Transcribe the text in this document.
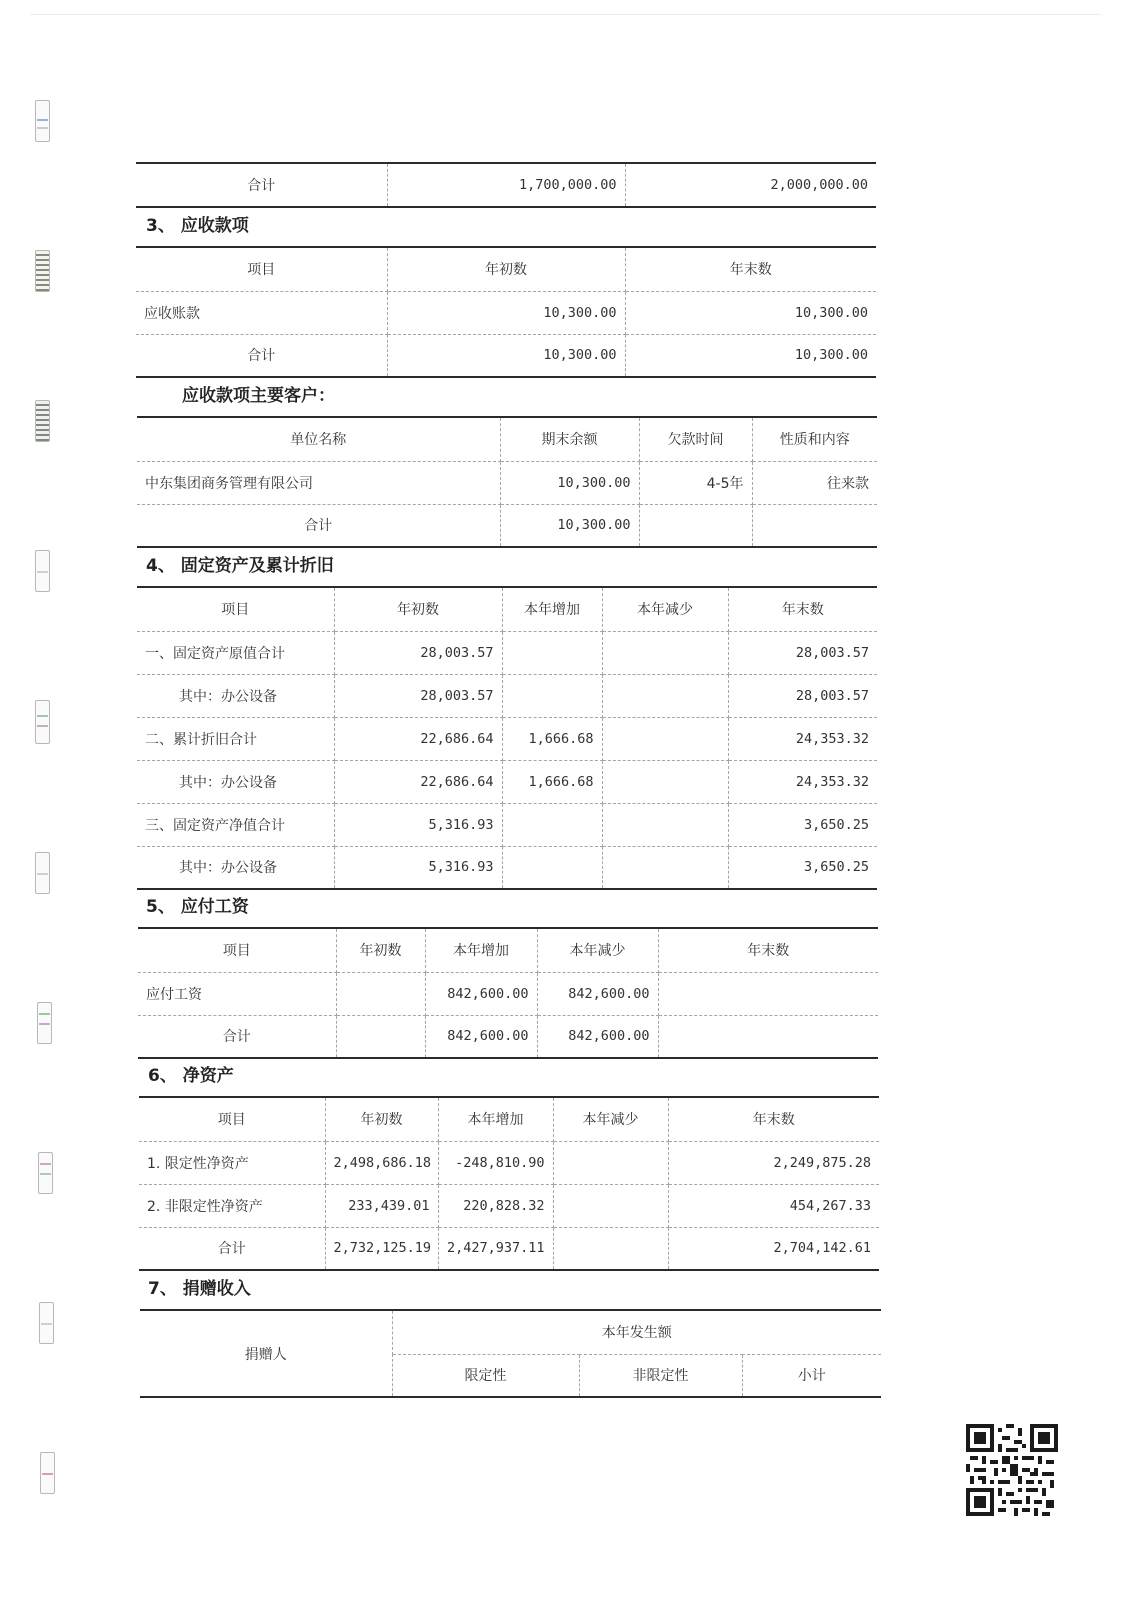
合计	1,700,000.00	2,000,000.00
3、 应收款项
项目	年初数	年末数
应收账款	10,300.00	10,300.00
合计	10,300.00	10,300.00
应收款项主要客户：
单位名称	期末余额	欠款时间	性质和内容
中东集团商务管理有限公司	10,300.00	4-5年	往来款
合计	10,300.00		
4、 固定资产及累计折旧
项目	年初数	本年增加	本年减少	年末数
一、固定资产原值合计	28,003.57			28,003.57
其中：办公设备	28,003.57			28,003.57
二、累计折旧合计	22,686.64	1,666.68		24,353.32
其中：办公设备	22,686.64	1,666.68		24,353.32
三、固定资产净值合计	5,316.93			3,650.25
其中：办公设备	5,316.93			3,650.25
5、 应付工资
项目	年初数	本年增加	本年减少	年末数
应付工资		842,600.00	842,600.00	
合计		842,600.00	842,600.00	
6、 净资产
项目	年初数	本年增加	本年减少	年末数
1. 限定性净资产	2,498,686.18	-248,810.90		2,249,875.28
2. 非限定性净资产	233,439.01	220,828.32		454,267.33
合计	2,732,125.19	2,427,937.11		2,704,142.61
7、 捐赠收入
捐赠人	本年发生额		
	限定性	非限定性	小计
